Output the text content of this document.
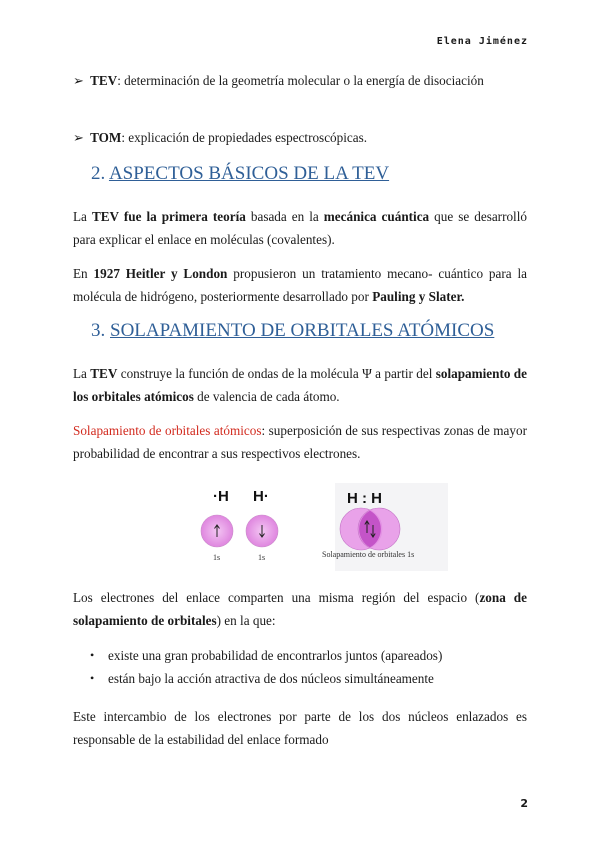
Elena Jiménez
➢ TEV: determinación de la geometría molecular o la energía de disociación
➢ TOM: explicación de propiedades espectroscópicas.
2. ASPECTOS BÁSICOS DE LA TEV
La TEV fue la primera teoría basada en la mecánica cuántica que se desarrolló para explicar el enlace en moléculas (covalentes).
En 1927 Heitler y London propusieron un tratamiento mecano- cuántico para la molécula de hidrógeno, posteriormente desarrollado por Pauling y Slater.
3. SOLAPAMIENTO DE ORBITALES ATÓMICOS
La TEV construye la función de ondas de la molécula Ψ a partir del solapamiento de los orbitales atómicos de valencia de cada átomo.
Solapamiento de orbitales atómicos: superposición de sus respectivas zonas de mayor probabilidad de encontrar a sus respectivos electrones.
·H H·	H : H
1s	1s	Solapamiento de orbitales 1s
Los electrones del enlace comparten una misma región del espacio (zona de solapamiento de orbitales) en la que:
• existe una gran probabilidad de encontrarlos juntos (apareados)
• están bajo la acción atractiva de dos núcleos simultáneamente
Este intercambio de los electrones por parte de los dos núcleos enlazados es responsable de la estabilidad del enlace formado
2
